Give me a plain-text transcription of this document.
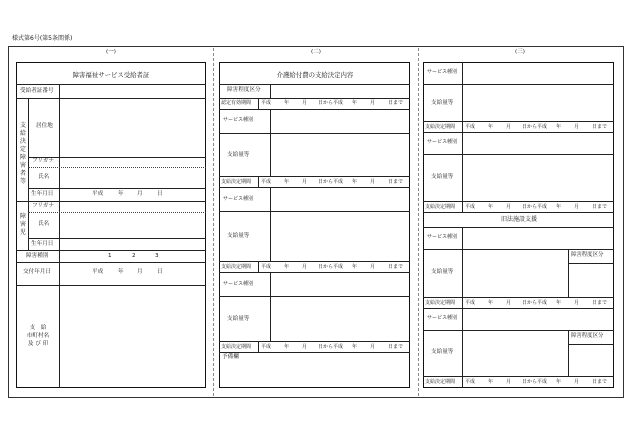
様式第6号(第5条関係)
(一)	(二)	(三)
障害福祉サービス受給者証
受給者証番号
支給決定障害者等
居住地
フリガナ
氏名
生年月日	平成	年 月	日
障害児
フリガナ
氏名
生年月日
障害種別	1	2	3
交付年月日	平成	年 月	日
支　給
市町村名
及 び 印
介護給付費の支給決定内容
障害程度区分
認定有効期間 平成	年	月 日から平成 年	月	日まで
サービス種別
支給量等
支給決定期間 平成	年	月 日から平成 年	月	日まで
サービス種別
支給量等
支給決定期間 平成	年	月 日から平成 年	月	日まで
サービス種別
支給量等
支給決定期間 平成	年	月 日から平成 年	月	日まで
予備欄
サービス種別
支給量等
支給決定期間 平成	年	月 日から平成 年	月	日まで
サービス種別
支給量等
支給決定期間 平成	年	月 日から平成 年	月	日まで
旧法施設支援
サービス種別
障害程度区分
支給量等
支給決定期間 平成	年	月 日から平成 年	月	日まで
サービス種別
障害程度区分
支給量等
支給決定期間 平成	年	月 日から平成 年	月	日まで
